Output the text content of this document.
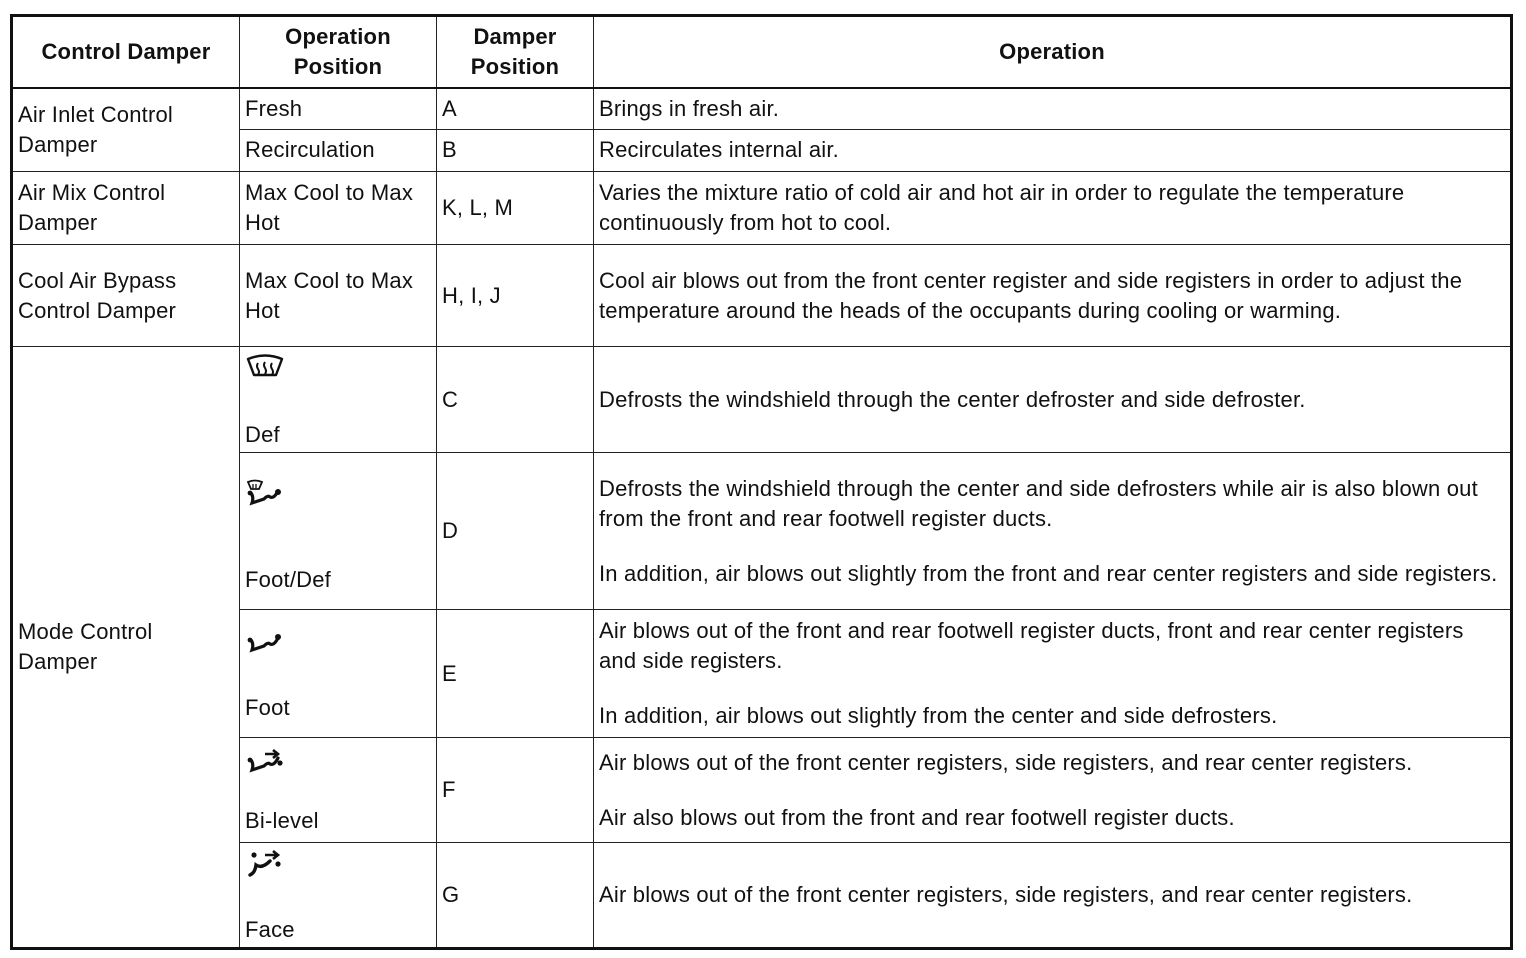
Control Damper	Operation Position	Damper Position	Operation
Air Inlet Control Damper	Fresh	A	Brings in fresh air.

	Recirculation	B	Recirculates internal air.

Air Mix Control Damper	Max Cool to Max Hot	K, L, M	Varies the mixture ratio of cold air and hot air in order to regulate the temperature continuously from hot to cool.

Cool Air Bypass Control Damper	Max Cool to Max Hot	H, I, J	Cool air blows out from the front center register and side registers in order to adjust the temperature around the heads of the occupants during cooling or warming.

Mode Control Damper	Def	C	Defrosts the windshield through the center defroster and side defroster.

	Foot/Def	D	Defrosts the windshield through the center and side defrosters while air is also blown out from the front and rear footwell register ducts.

In addition, air blows out slightly from the front and rear center registers and side registers.

	Foot	E	Air blows out of the front and rear footwell register ducts, front and rear center registers and side registers.

In addition, air blows out slightly from the center and side defrosters.

	Bi-level	F	Air blows out of the front center registers, side registers, and rear center registers.

Air also blows out from the front and rear footwell register ducts.

	Face	G	Air blows out of the front center registers, side registers, and rear center registers.
